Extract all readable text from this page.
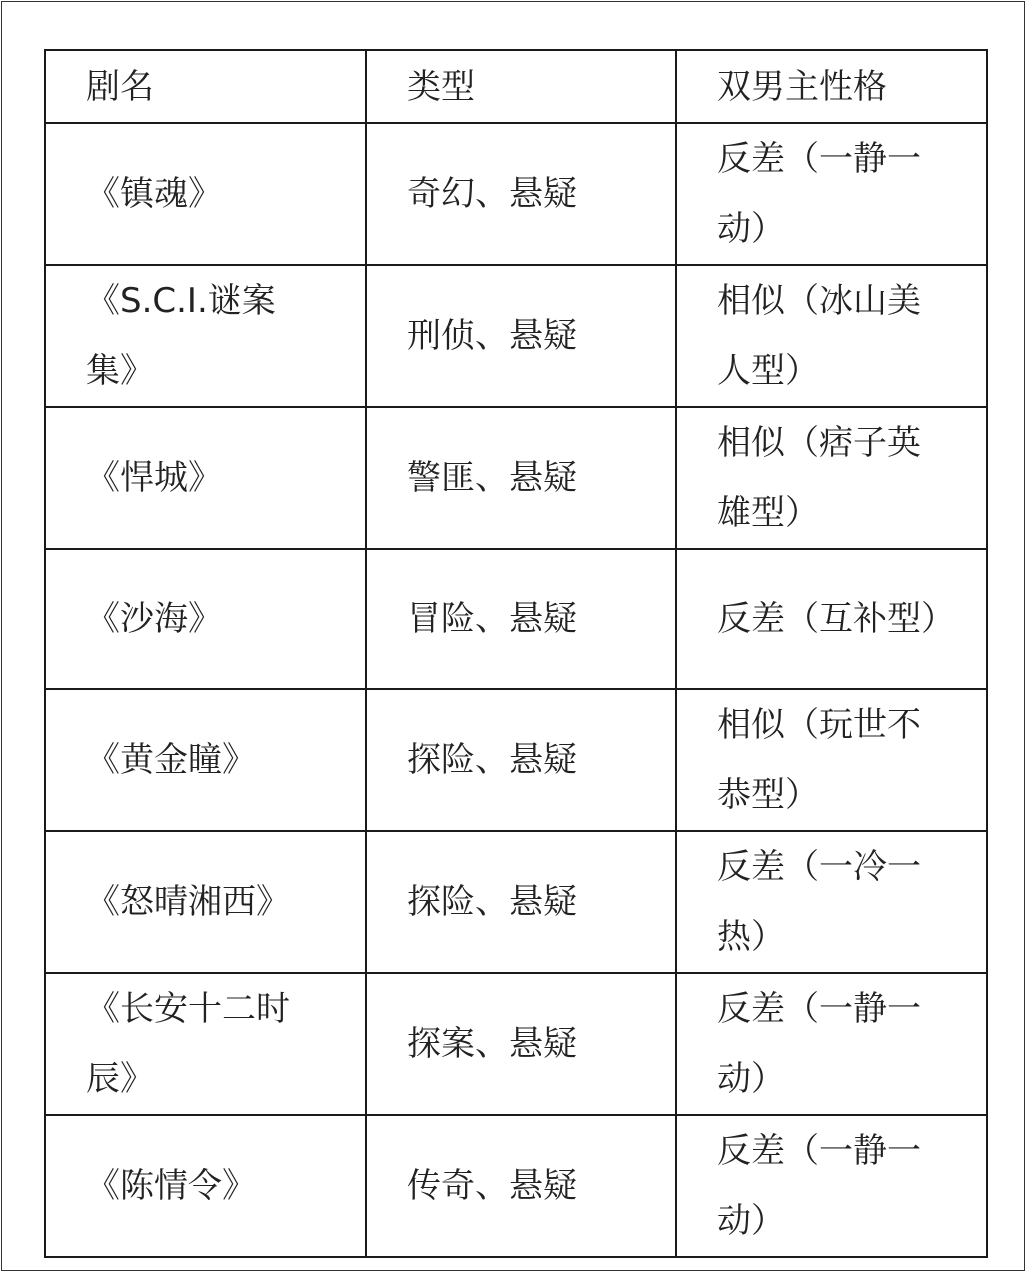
剧名	类型	双男主性格

《镇魂》	奇幻、悬疑	反差（一静一动）

《S.C.I.谜案集》	刑侦、悬疑	相似（冰山美人型）

《悍城》	警匪、悬疑	相似（痞子英雄型）

《沙海》	冒险、悬疑	反差（互补型）

《黄金瞳》	探险、悬疑	相似（玩世不恭型）

《怒晴湘西》	探险、悬疑	反差（一冷一热）

《长安十二时辰》	探案、悬疑	反差（一静一动）

《陈情令》	传奇、悬疑	反差（一静一动）
